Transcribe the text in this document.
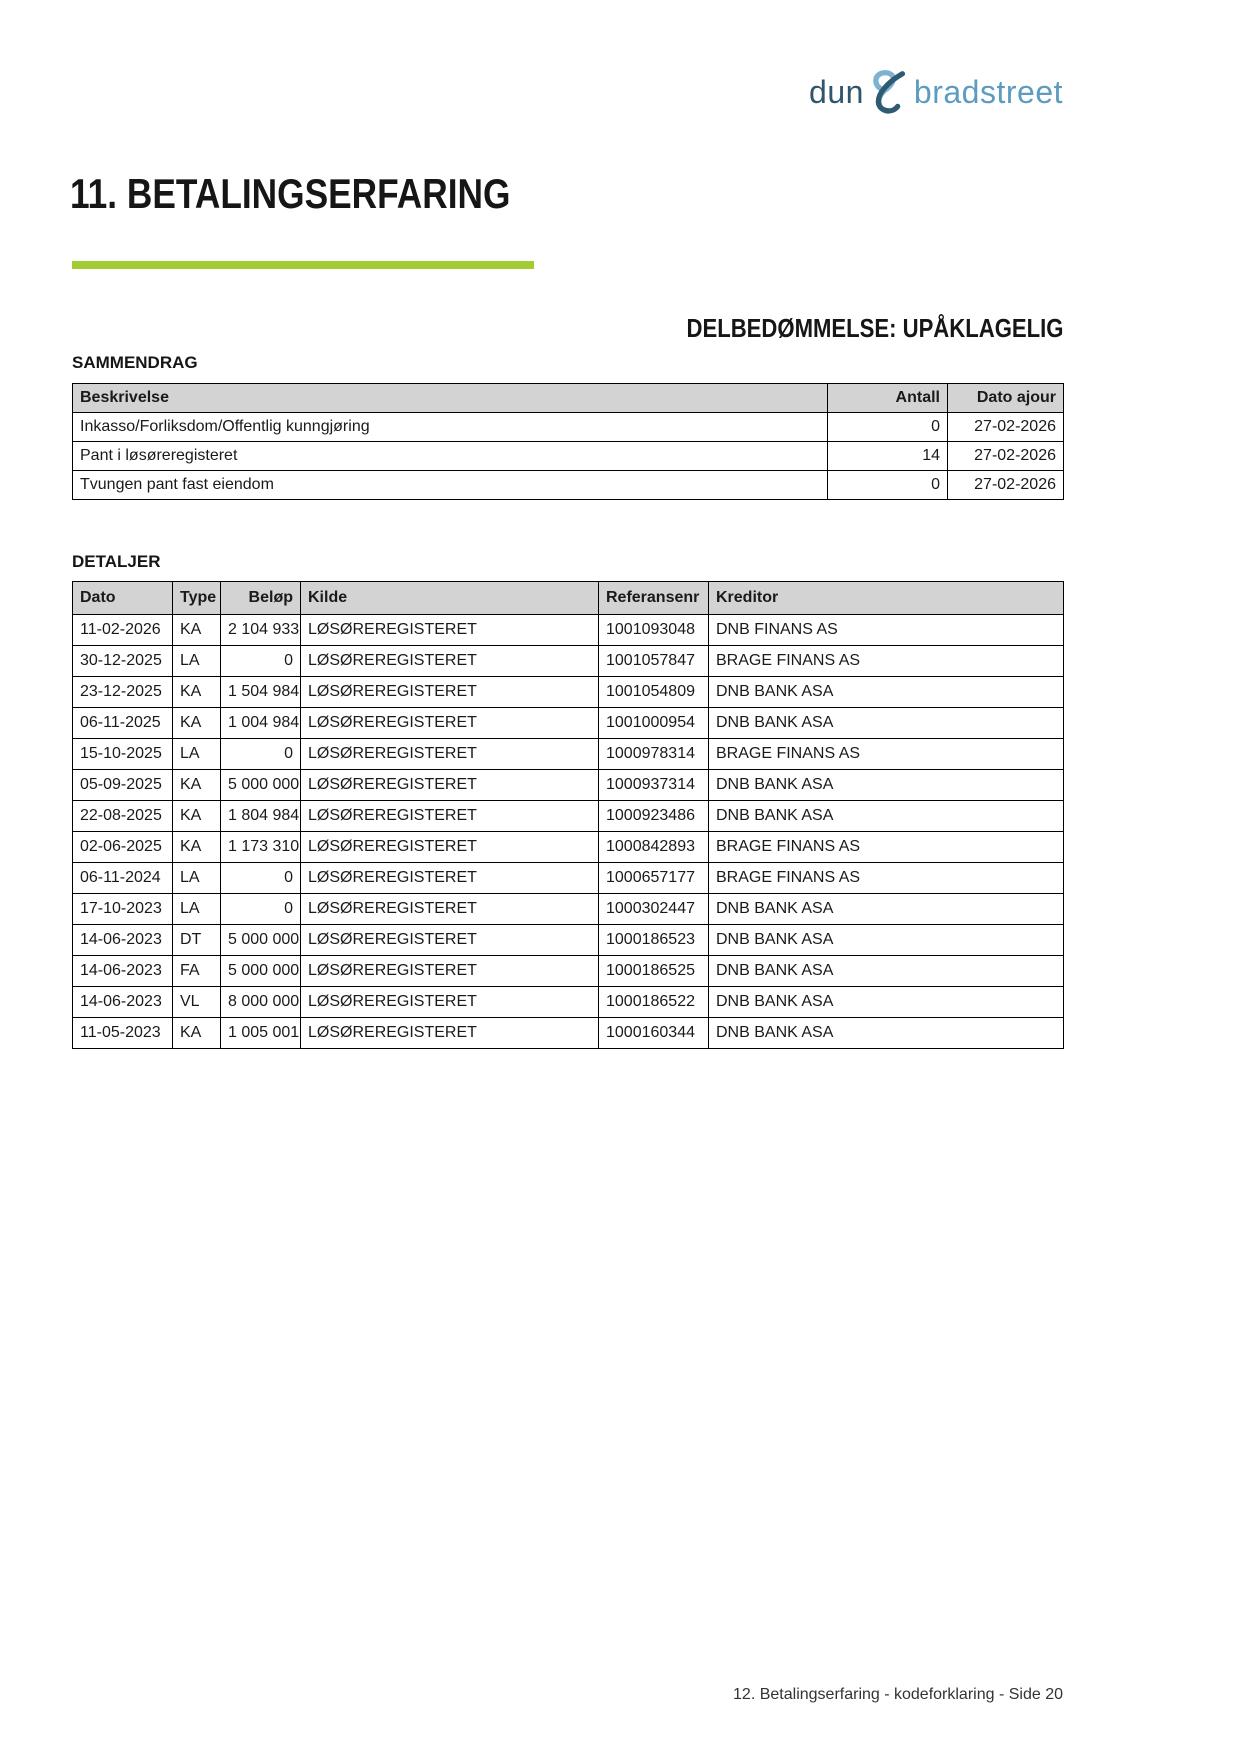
dun bradstreet
11. BETALINGSERFARING
DELBEDØMMELSE: UPÅKLAGELIG
SAMMENDRAG
Beskrivelse	Antall	Dato ajour
Inkasso/Forliksdom/Offentlig kunngjøring	0	27-02-2026
Pant i løsøreregisteret	14	27-02-2026
Tvungen pant fast eiendom	0	27-02-2026
DETALJER
Dato	Type	Beløp	Kilde	Referansenr	Kreditor
11-02-2026	KA	2 104 933	LØSØREREGISTERET	1001093048	DNB FINANS AS
30-12-2025	LA	0	LØSØREREGISTERET	1001057847	BRAGE FINANS AS
23-12-2025	KA	1 504 984	LØSØREREGISTERET	1001054809	DNB BANK ASA
06-11-2025	KA	1 004 984	LØSØREREGISTERET	1001000954	DNB BANK ASA
15-10-2025	LA	0	LØSØREREGISTERET	1000978314	BRAGE FINANS AS
05-09-2025	KA	5 000 000	LØSØREREGISTERET	1000937314	DNB BANK ASA
22-08-2025	KA	1 804 984	LØSØREREGISTERET	1000923486	DNB BANK ASA
02-06-2025	KA	1 173 310	LØSØREREGISTERET	1000842893	BRAGE FINANS AS
06-11-2024	LA	0	LØSØREREGISTERET	1000657177	BRAGE FINANS AS
17-10-2023	LA	0	LØSØREREGISTERET	1000302447	DNB BANK ASA
14-06-2023	DT	5 000 000	LØSØREREGISTERET	1000186523	DNB BANK ASA
14-06-2023	FA	5 000 000	LØSØREREGISTERET	1000186525	DNB BANK ASA
14-06-2023	VL	8 000 000	LØSØREREGISTERET	1000186522	DNB BANK ASA
11-05-2023	KA	1 005 001	LØSØREREGISTERET	1000160344	DNB BANK ASA
12. Betalingserfaring - kodeforklaring - Side 20
